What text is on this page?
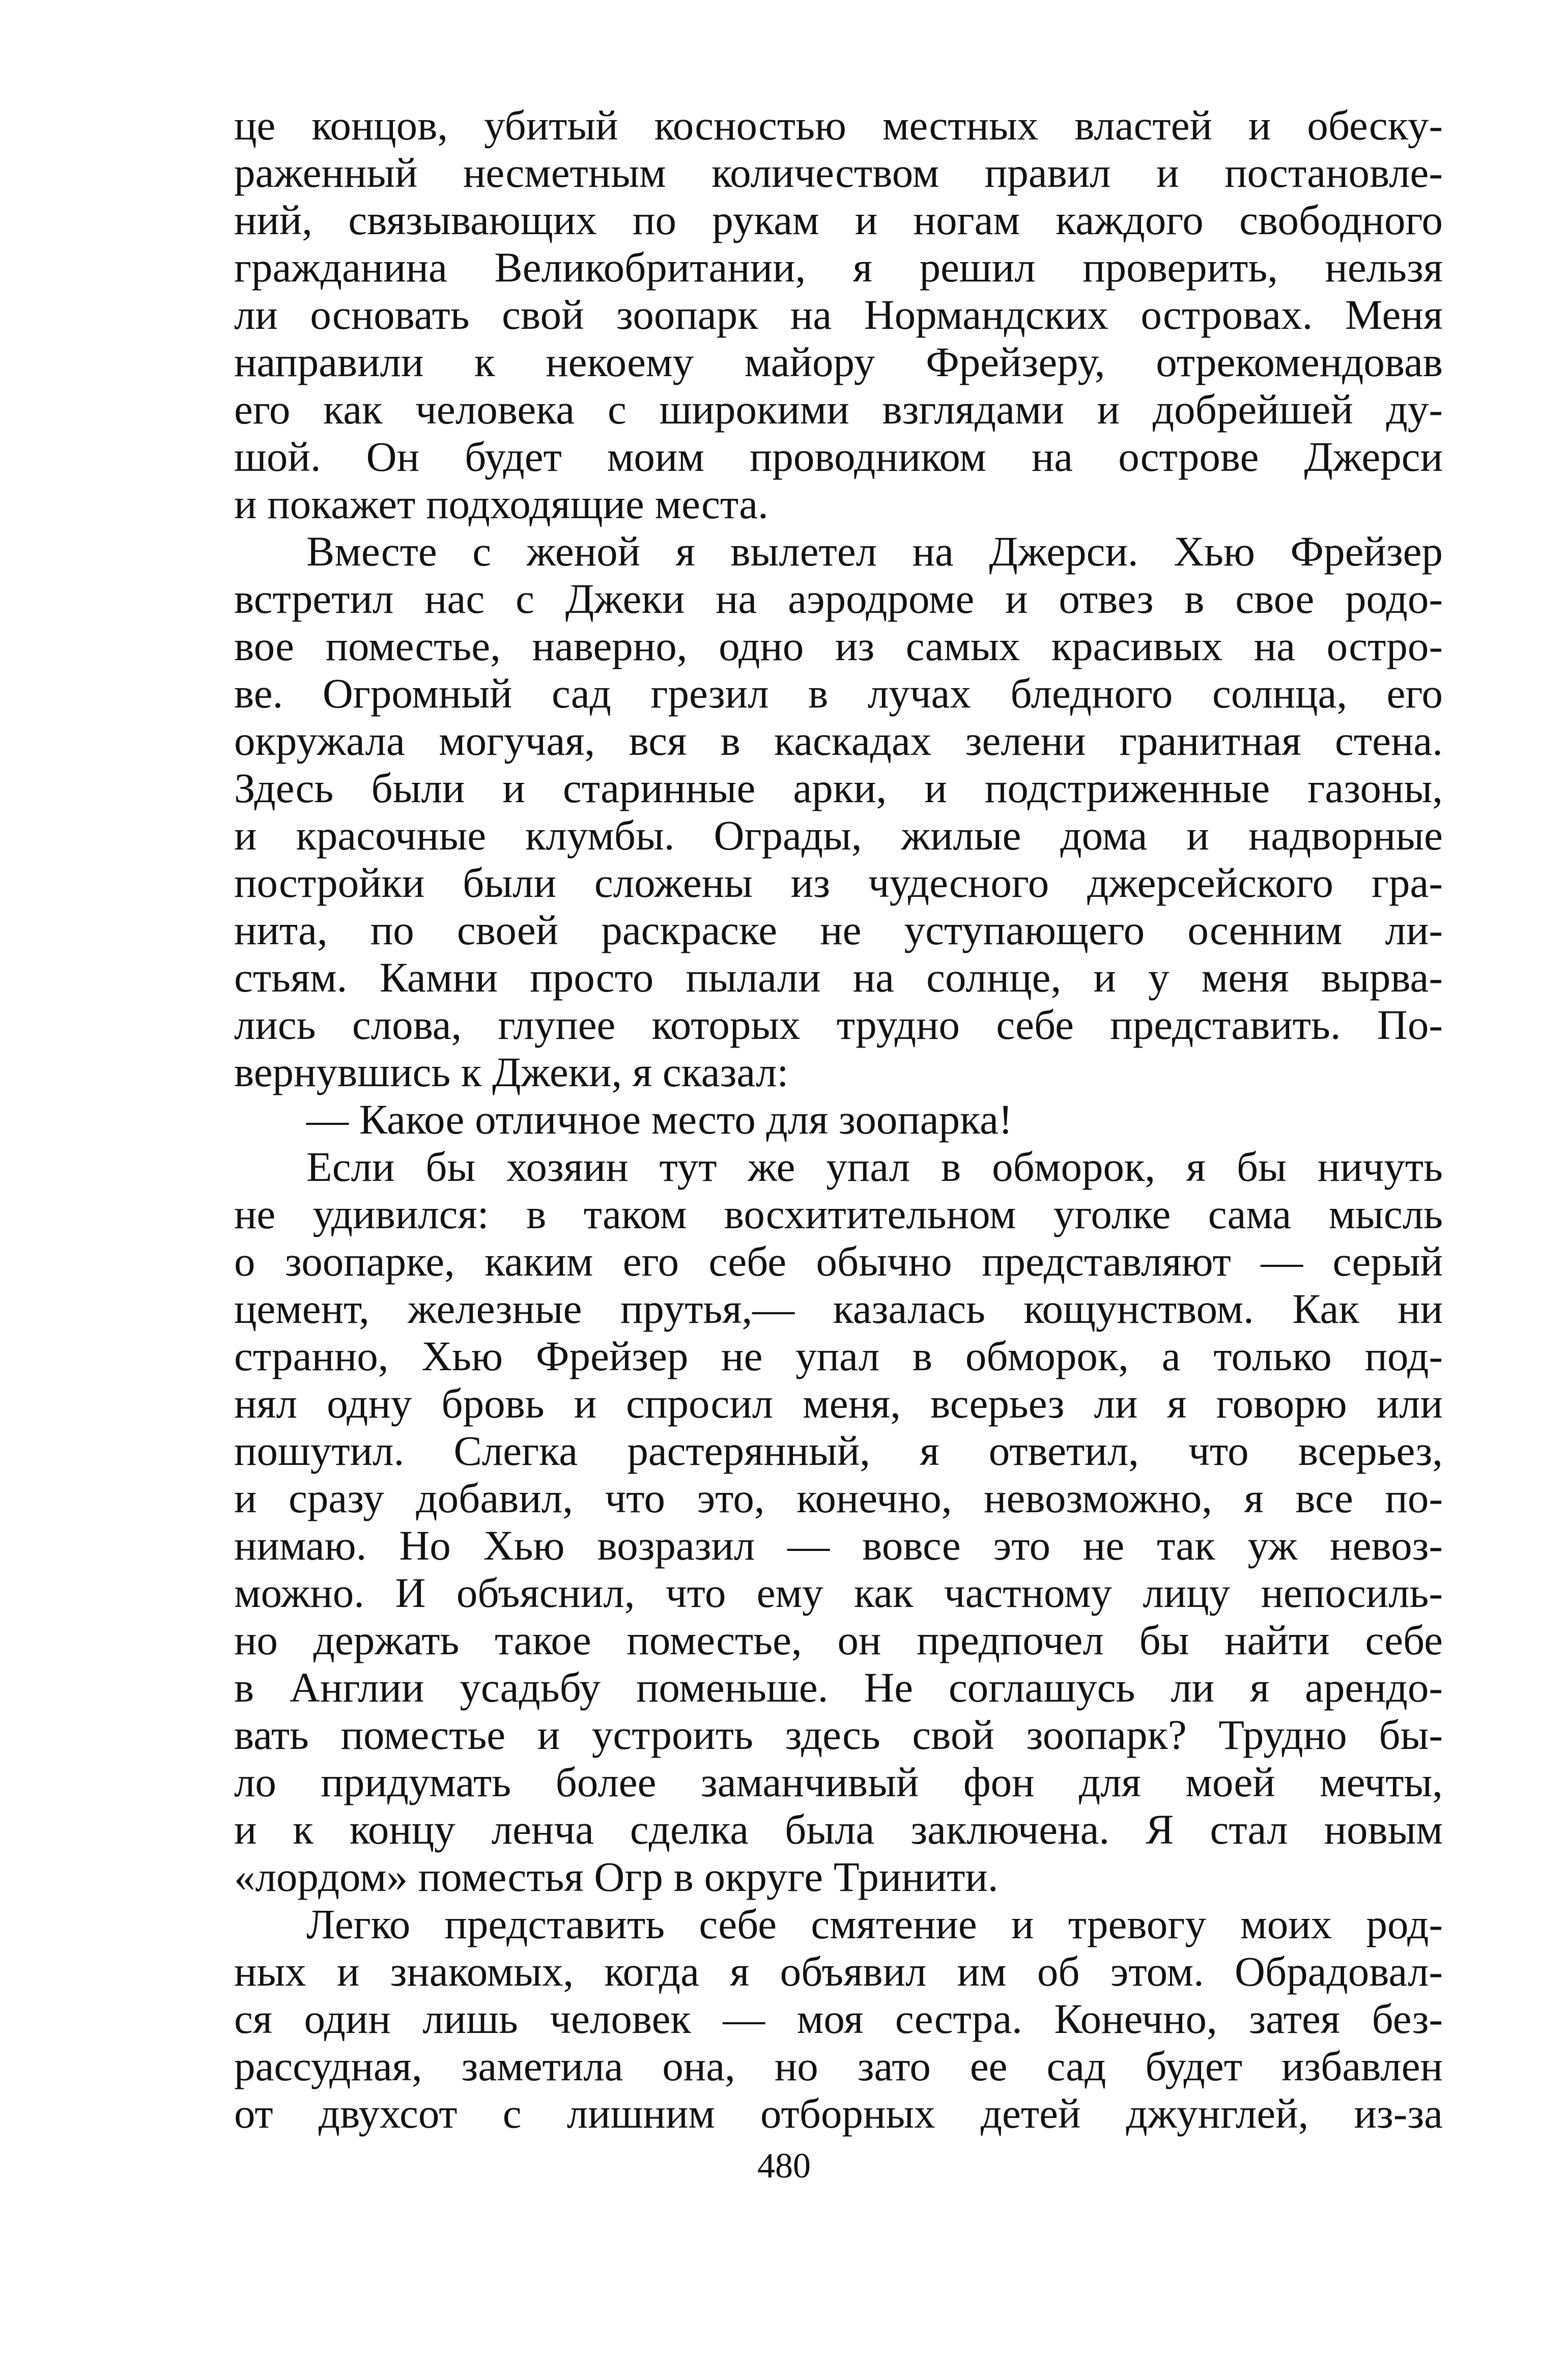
це концов, убитый косностью местных властей и обеску-
раженный несметным количеством правил и постановле-
ний, связывающих по рукам и ногам каждого свободного
гражданина Великобритании, я решил проверить, нельзя
ли основать свой зоопарк на Нормандских островах. Меня
направили к некоему майору Фрейзеру, отрекомендовав
его как человека с широкими взглядами и добрейшей ду-
шой. Он будет моим проводником на острове Джерси
и покажет подходящие места.

Вместе с женой я вылетел на Джерси. Хью Фрейзер
встретил нас с Джеки на аэродроме и отвез в свое родо-
вое поместье, наверно, одно из самых красивых на остро-
ве. Огромный сад грезил в лучах бледного солнца, его
окружала могучая, вся в каскадах зелени гранитная стена.
Здесь были и старинные арки, и подстриженные газоны,
и красочные клумбы. Ограды, жилые дома и надворные
постройки были сложены из чудесного джерсейского гра-
нита, по своей раскраске не уступающего осенним ли-
стьям. Камни просто пылали на солнце, и у меня вырва-
лись слова, глупее которых трудно себе представить. По-
вернувшись к Джеки, я сказал:

— Какое отличное место для зоопарка!

Если бы хозяин тут же упал в обморок, я бы ничуть
не удивился: в таком восхитительном уголке сама мысль
о зоопарке, каким его себе обычно представляют — серый
цемент, железные прутья,— казалась кощунством. Как ни
странно, Хью Фрейзер не упал в обморок, а только под-
нял одну бровь и спросил меня, всерьез ли я говорю или
пошутил. Слегка растерянный, я ответил, что всерьез,
и сразу добавил, что это, конечно, невозможно, я все по-
нимаю. Но Хью возразил — вовсе это не так уж невоз-
можно. И объяснил, что ему как частному лицу непосиль-
но держать такое поместье, он предпочел бы найти себе
в Англии усадьбу поменьше. Не соглашусь ли я арендо-
вать поместье и устроить здесь свой зоопарк? Трудно бы-
ло придумать более заманчивый фон для моей мечты,
и к концу ленча сделка была заключена. Я стал новым
«лордом» поместья Огр в округе Тринити.

Легко представить себе смятение и тревогу моих род-
ных и знакомых, когда я объявил им об этом. Обрадовал-
ся один лишь человек — моя сестра. Конечно, затея без-
рассудная, заметила она, но зато ее сад будет избавлен
от двухсот с лишним отборных детей джунглей, из-за

480
